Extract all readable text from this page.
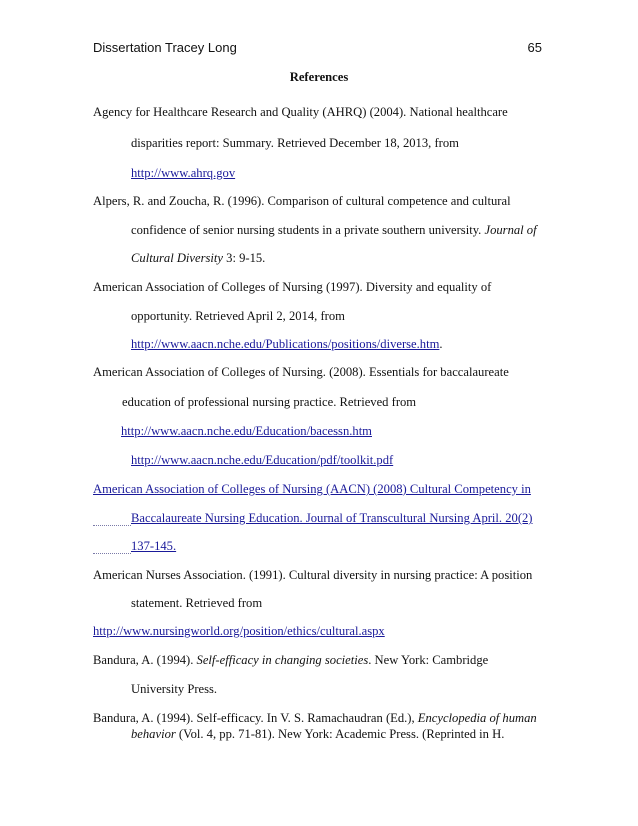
Dissertation Tracey Long	65
References
Agency for Healthcare Research and Quality (AHRQ) (2004). National healthcare
disparities report: Summary. Retrieved December 18, 2013, from
http://www.ahrq.gov
Alpers, R. and Zoucha, R. (1996). Comparison of cultural competence and cultural
confidence of senior nursing students in a private southern university. Journal of
Cultural Diversity 3: 9-15.
American Association of Colleges of Nursing (1997). Diversity and equality of
opportunity. Retrieved April 2, 2014, from
http://www.aacn.nche.edu/Publications/positions/diverse.htm.
American Association of Colleges of Nursing. (2008). Essentials for baccalaureate
education of professional nursing practice. Retrieved from
http://www.aacn.nche.edu/Education/bacessn.htm
http://www.aacn.nche.edu/Education/pdf/toolkit.pdf
American Association of Colleges of Nursing (AACN) (2008) Cultural Competency in
Baccalaureate Nursing Education. Journal of Transcultural Nursing April. 20(2)
137-145.
American Nurses Association. (1991). Cultural diversity in nursing practice: A position
statement. Retrieved from
http://www.nursingworld.org/position/ethics/cultural.aspx
Bandura, A. (1994). Self-efficacy in changing societies. New York: Cambridge
University Press.
Bandura, A. (1994). Self-efficacy. In V. S. Ramachaudran (Ed.), Encyclopedia of human
behavior (Vol. 4, pp. 71-81). New York: Academic Press. (Reprinted in H.
